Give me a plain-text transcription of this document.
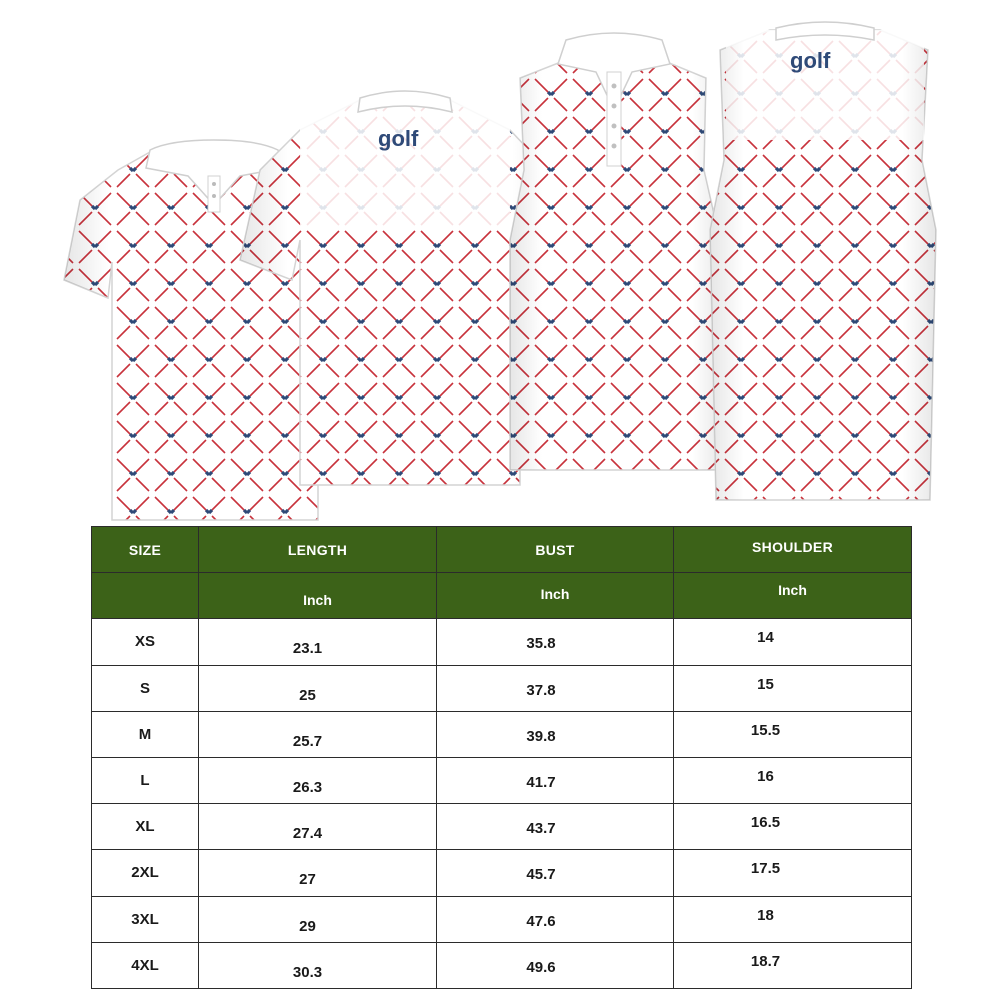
golf
golf
SIZE	LENGTH	BUST	SHOULDER
	Inch	Inch	Inch
XS	23.1	35.8	14
S	25	37.8	15
M	25.7	39.8	15.5
L	26.3	41.7	16
XL	27.4	43.7	16.5
2XL	27	45.7	17.5
3XL	29	47.6	18
4XL	30.3	49.6	18.7
